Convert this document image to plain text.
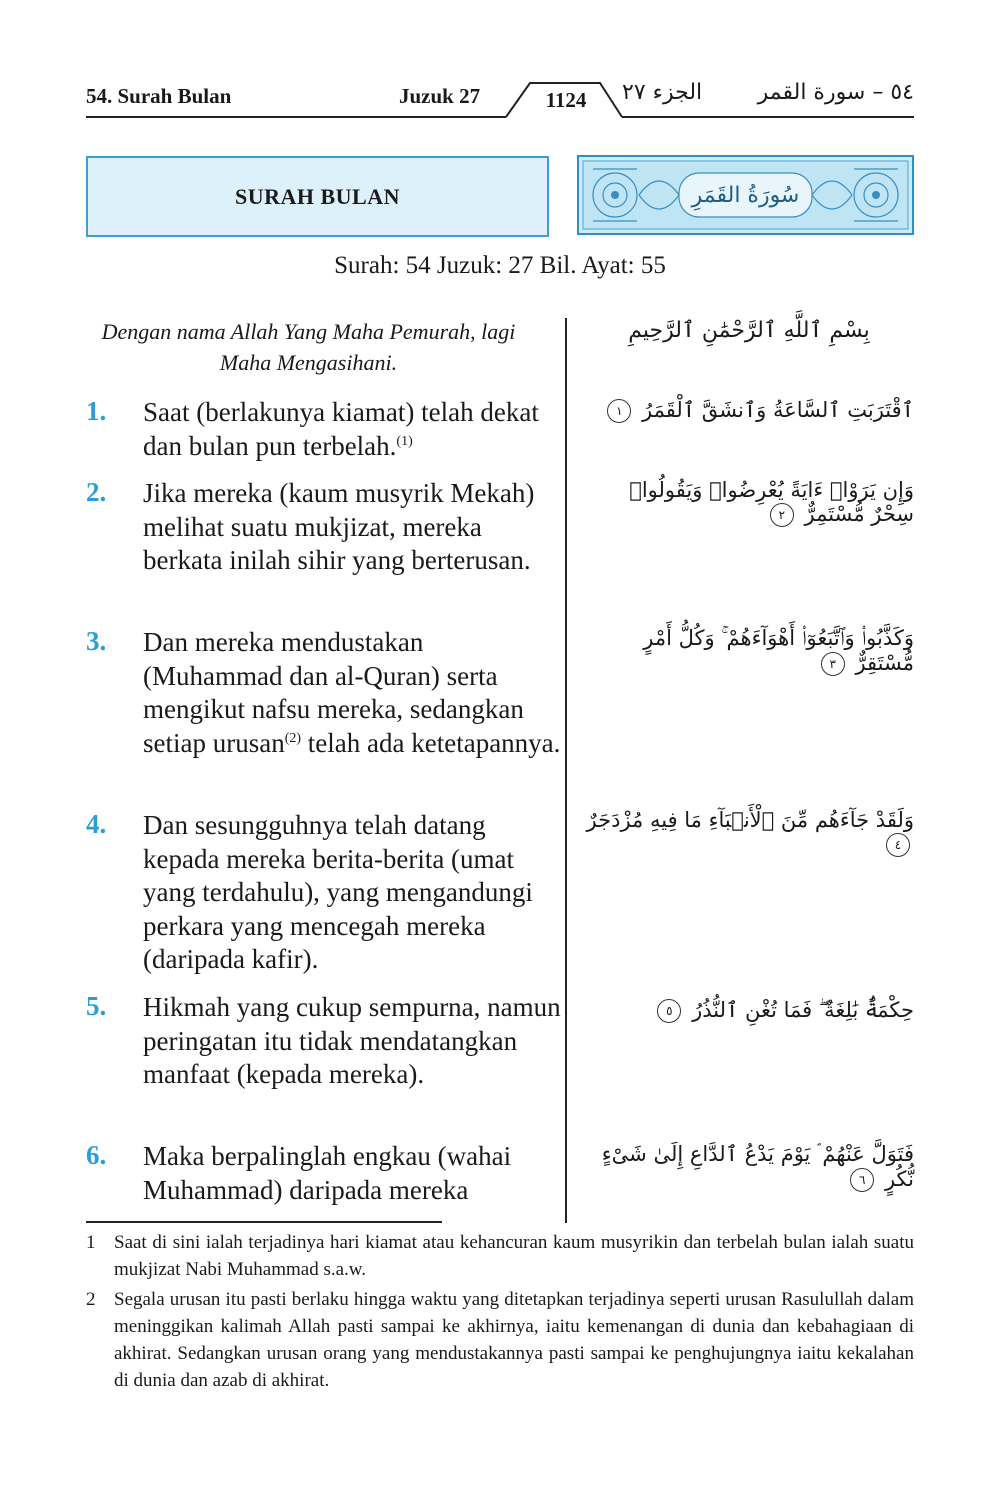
54. Surah Bulan	Juzuk 27	1124	الجزء ٢٧	٥٤ – سورة القمر
SURAH BULAN	سُورَةُ القَمَرِ
Surah: 54 Juzuk: 27 Bil. Ayat: 55
Dengan nama Allah Yang Maha Pemurah, lagi Maha Mengasihani.
بِسْمِ ٱللَّهِ ٱلرَّحْمَٰنِ ٱلرَّحِيمِ
1. Saat (berlakunya kiamat) telah dekat dan bulan pun terbelah.$^{(1)}$
ٱقْتَرَبَتِ ٱلسَّاعَةُ وَٱنشَقَّ ٱلْقَمَرُ ١
2. Jika mereka (kaum musyrik Mekah) melihat suatu mukjizat, mereka berkata inilah sihir yang berterusan.
وَإِن يَرَوْا۟ ءَايَةً يُعْرِضُوا۟ وَيَقُولُوا۟ سِحْرٌ مُّسْتَمِرٌّ ٢
3. Dan mereka mendustakan (Muhammad dan al-Quran) serta mengikut nafsu mereka, sedangkan setiap urusan$^{(2)}$ telah ada ketetapannya.
وَكَذَّبُوا۟ وَٱتَّبَعُوٓا۟ أَهْوَآءَهُمْ ۚ وَكُلُّ أَمْرٍ مُّسْتَقِرٌّ ٣
4. Dan sesungguhnya telah datang kepada mereka berita-berita (umat yang terdahulu), yang mengandungi perkara yang mencegah mereka (daripada kafir).
وَلَقَدْ جَآءَهُم مِّنَ ٱلْأَنۢبَآءِ مَا فِيهِ مُزْدَجَرٌ ٤
5. Hikmah yang cukup sempurna, namun peringatan itu tidak mendatangkan manfaat (kepada mereka).
حِكْمَةٌۢ بَٰلِغَةٌ ۖ فَمَا تُغْنِ ٱلنُّذُرُ ٥
6. Maka berpalinglah engkau (wahai Muhammad) daripada mereka
فَتَوَلَّ عَنْهُمْ ۘ يَوْمَ يَدْعُ ٱلدَّاعِ إِلَىٰ شَىْءٍ نُّكُرٍ ٦
1 Saat di sini ialah terjadinya hari kiamat atau kehancuran kaum musyrikin dan terbelah bulan ialah suatu mukjizat Nabi Muhammad s.a.w.
2 Segala urusan itu pasti berlaku hingga waktu yang ditetapkan terjadinya seperti urusan Rasulullah dalam meninggikan kalimah Allah pasti sampai ke akhirnya, iaitu kemenangan di dunia dan kebahagiaan di akhirat. Sedangkan urusan orang yang mendustakannya pasti sampai ke penghujungnya iaitu kekalahan di dunia dan azab di akhirat.
